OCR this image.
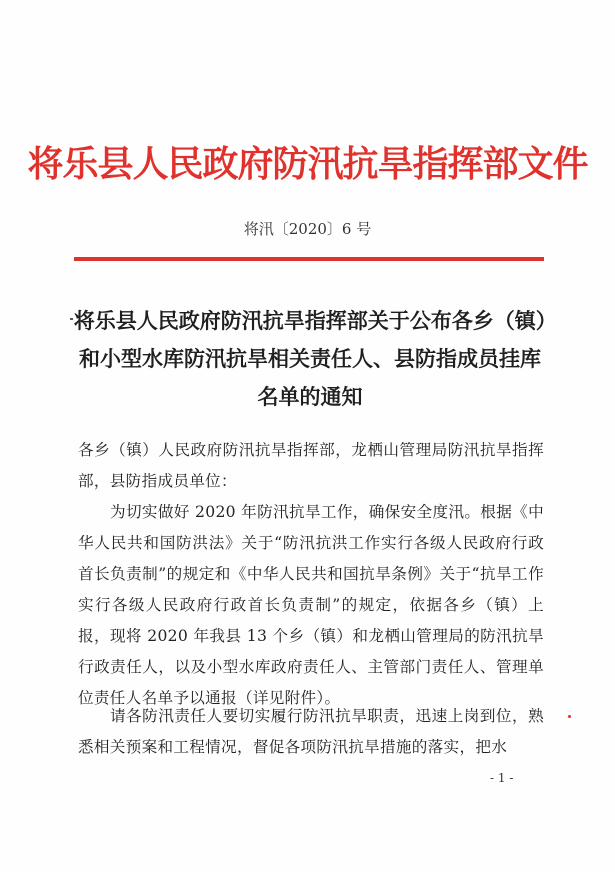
将乐县人民政府防汛抗旱指挥部文件
将汛〔2020〕6 号
将乐县人民政府防汛抗旱指挥部关于公布各乡（镇）和小型水库防汛抗旱相关责任人、县防指成员挂库名单的通知
各乡（镇）人民政府防汛抗旱指挥部，龙栖山管理局防汛抗旱指挥部，县防指成员单位：
为切实做好 2020 年防汛抗旱工作，确保安全度汛。根据《中华人民共和国防洪法》关于“防汛抗洪工作实行各级人民政府行政首长负责制”的规定和《中华人民共和国抗旱条例》关于“抗旱工作实行各级人民政府行政首长负责制”的规定，依据各乡（镇）上报，现将 2020 年我县 13 个乡（镇）和龙栖山管理局的防汛抗旱行政责任人，以及小型水库政府责任人、主管部门责任人、管理单位责任人名单予以通报（详见附件）。
请各防汛责任人要切实履行防汛抗旱职责，迅速上岗到位，熟悉相关预案和工程情况，督促各项防汛抗旱措施的落实，把水
- 1 -
